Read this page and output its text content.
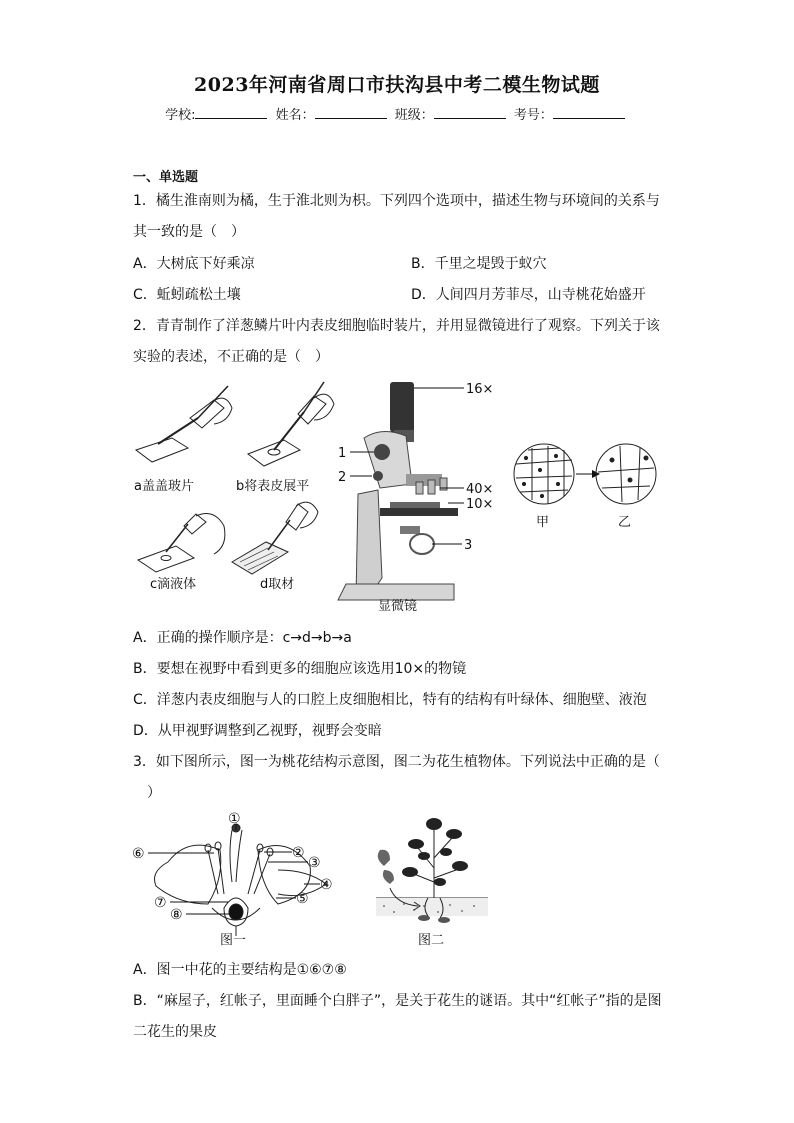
2023年河南省周口市扶沟县中考二模生物试题
学校:	姓名：	班级：	考号：
一、单选题
1．橘生淮南则为橘，生于淮北则为枳。下列四个选项中，描述生物与环境间的关系与
其一致的是（　）
A．大树底下好乘凉	B．千里之堤毁于蚁穴
C．蚯蚓疏松土壤	D．人间四月芳菲尽，山寺桃花始盛开
2．青青制作了洋葱鳞片叶内表皮细胞临时装片，并用显微镜进行了观察。下列关于该
实验的表述，不正确的是（　）
a盖盖玻片	b将表皮展平
c滴液体	d取材
16×
1
2
40×
10×
3
显微镜
甲	乙
A．正确的操作顺序是：c→d→b→a
B．要想在视野中看到更多的细胞应该选用10×的物镜
C．洋葱内表皮细胞与人的口腔上皮细胞相比，特有的结构有叶绿体、细胞壁、液泡
D．从甲视野调整到乙视野，视野会变暗
3．如下图所示，图一为桃花结构示意图，图二为花生植物体。下列说法中正确的是（
　）
①
②
③
④
⑤
⑥
⑦
⑧
图一	图二
A．图一中花的主要结构是①⑥⑦⑧
B．“麻屋子，红帐子，里面睡个白胖子”，是关于花生的谜语。其中“红帐子”指的是图
二花生的果皮
